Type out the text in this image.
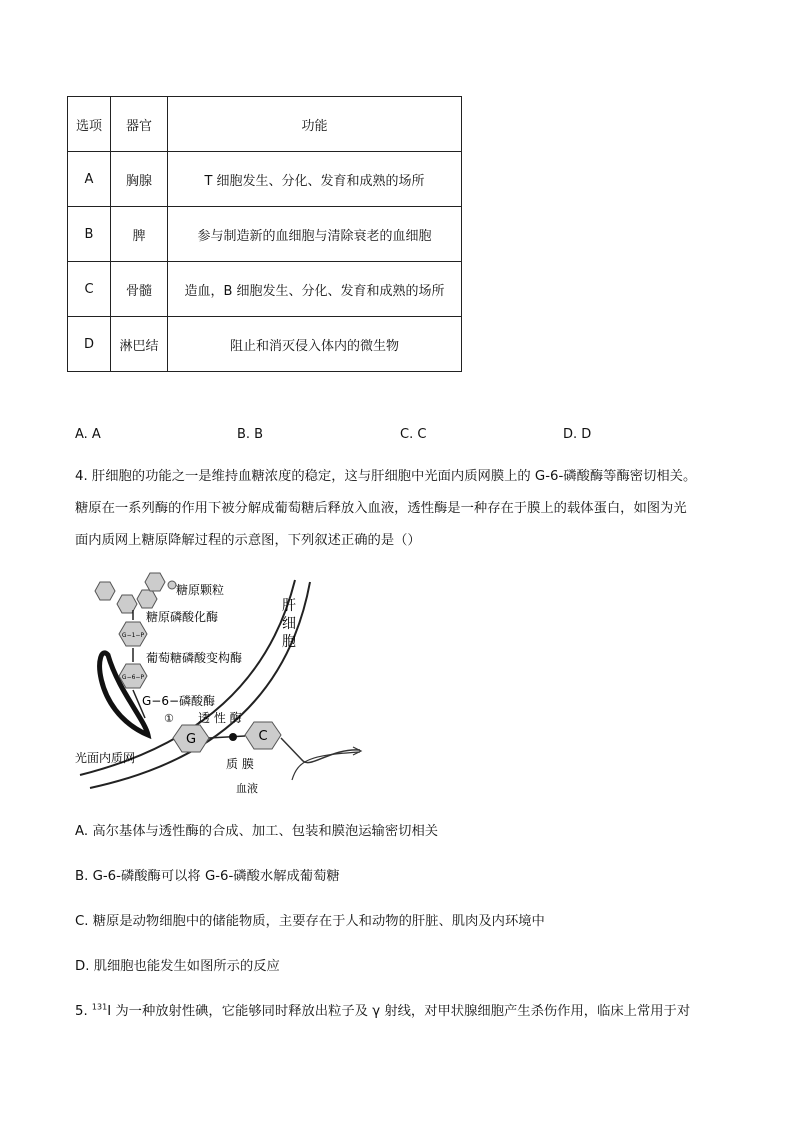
选项	器官	功能
A	胸腺	T 细胞发生、分化、发育和成熟的场所
B	脾	参与制造新的血细胞与清除衰老的血细胞
C	骨髓	造血，B 细胞发生、分化、发育和成熟的场所
D	淋巴结	阻止和消灭侵入体内的微生物
A. A	B. B	C. C	D. D
4. 肝细胞的功能之一是维持血糖浓度的稳定，这与肝细胞中光面内质网膜上的 G-6-磷酸酶等酶密切相关。
糖原在一系列酶的作用下被分解成葡萄糖后释放入血液，透性酶是一种存在于膜上的载体蛋白，如图为光
面内质网上糖原降解过程的示意图，下列叙述正确的是（）
G−1−P
G−6−P
G	C
糖原颗粒
糖原磷酸化酶
葡萄糖磷酸变构酶
G−6−磷酸酶
① 透 性 酶
肝
细
胞
光面内质网	质 膜
血液
A. 高尔基体与透性酶的合成、加工、包装和膜泡运输密切相关
B. G-6-磷酸酶可以将 G-6-磷酸水解成葡萄糖
C. 糖原是动物细胞中的储能物质，主要存在于人和动物的肝脏、肌肉及内环境中
D. 肌细胞也能发生如图所示的反应
5. $^{131}$I 为一种放射性碘，它能够同时释放出粒子及 γ 射线，对甲状腺细胞产生杀伤作用，临床上常用于对
